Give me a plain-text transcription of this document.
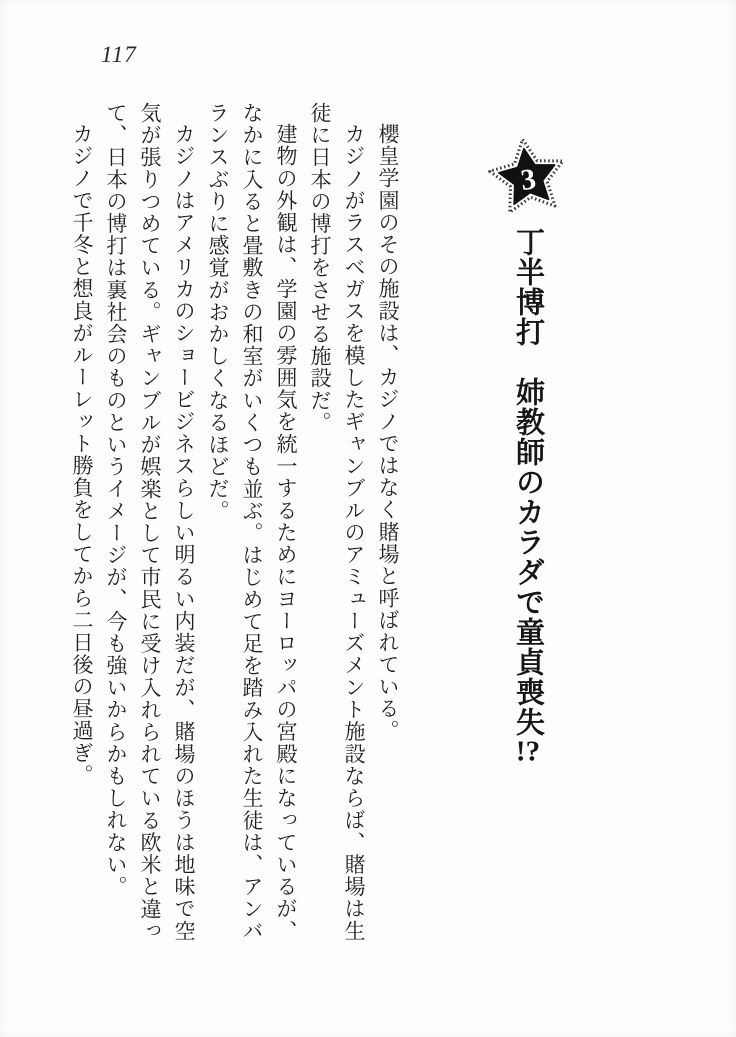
117
3
丁半博打　姉教師のカラダで童貞喪失!?

櫻皇学園のその施設は、カジノではなく賭場と呼ばれている。

カジノがラスベガスを模したギャンブルのアミューズメント施設ならば、賭場は生徒に日本の博打をさせる施設だ。

建物の外観は、学園の雰囲気を統一するためにヨーロッパの宮殿になっているが、なかに入ると畳敷きの和室がいくつも並ぶ。はじめて足を踏み入れた生徒は、アンバランスぶりに感覚がおかしくなるほどだ。

カジノはアメリカのショービジネスらしい明るい内装だが、賭場のほうは地味で空気が張りつめている。ギャンブルが娯楽として市民に受け入れられている欧米と違って、日本の博打は裏社会のものというイメージが、今も強いからかもしれない。

カジノで千冬と想良がルーレット勝負をしてから二日後の昼過ぎ。
